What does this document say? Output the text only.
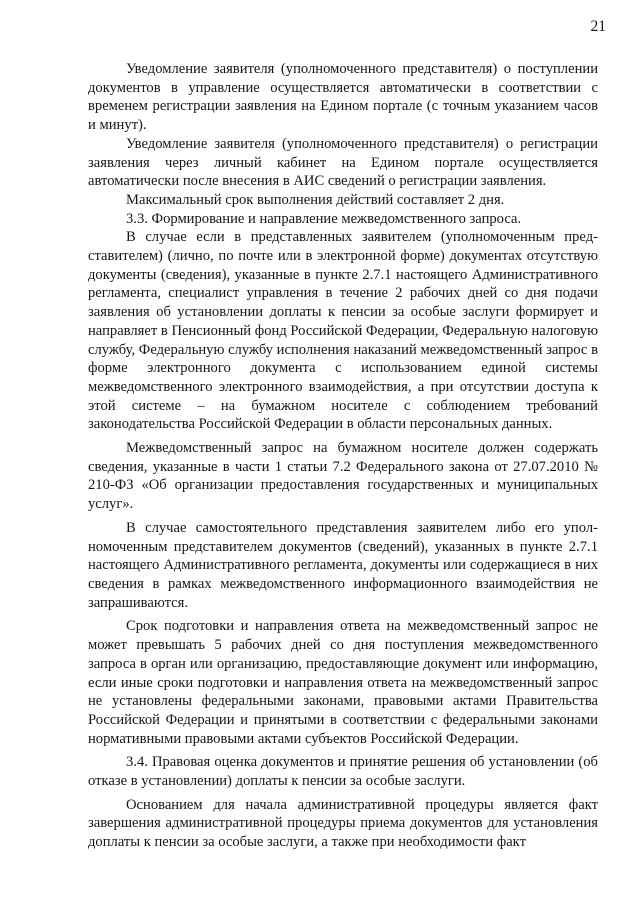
21

Уведомление заявителя (уполномоченного представителя) о поступлении документов в управление осуществляется автоматически в соответствии с временем регистрации заявления на Едином портале (с точным указанием часов и минут).

Уведомление заявителя (уполномоченного представителя) о регистрации заявления через личный кабинет на Едином портале осуществляется автоматически после внесения в АИС сведений о регистрации заявления.

Максимальный срок выполнения действий составляет 2 дня.

3.3. Формирование и направление межведомственного запроса.

В случае если в представленных заявителем (уполномоченным представителем) (лично, по почте или в электронной форме) документах отсутствую документы (сведения), указанные в пункте 2.7.1 настоящего Административного регламента, специалист управления в течение 2 рабочих дней со дня подачи заявления об установлении доплаты к пенсии за особые заслуги формирует и направляет в Пенсионный фонд Российской Федерации, Федеральную налоговую службу, Федеральную службу исполнения наказаний межведомственный запрос в форме электронного документа с использованием единой системы межведомственного электронного взаимодействия, а при отсутствии доступа к этой системе – на бумажном носителе с соблюдением требований законодательства Российской Федерации в области персональных данных.

Межведомственный запрос на бумажном носителе должен содержать сведения, указанные в части 1 статьи 7.2 Федерального закона от 27.07.2010 № 210-ФЗ «Об организации предоставления государственных и муниципальных услуг».

В случае самостоятельного представления заявителем либо его уполномоченным представителем документов (сведений), указанных в пункте 2.7.1 настоящего Административного регламента, документы или содержащиеся в них сведения в рамках межведомственного информационного взаимодействия не запрашиваются.

Срок подготовки и направления ответа на межведомственный запрос не может превышать 5 рабочих дней со дня поступления межведомственного запроса в орган или организацию, предоставляющие документ или информацию, если иные сроки подготовки и направления ответа на межведомственный запрос не установлены федеральными законами, правовыми актами Правительства Российской Федерации и принятыми в соответствии с федеральными законами нормативными правовыми актами субъектов Российской Федерации.

3.4. Правовая оценка документов и принятие решения об установлении (об отказе в установлении) доплаты к пенсии за особые заслуги.

Основанием для начала административной процедуры является факт завершения административной процедуры приема документов для установления доплаты к пенсии за особые заслуги, а также при необходимости факт
